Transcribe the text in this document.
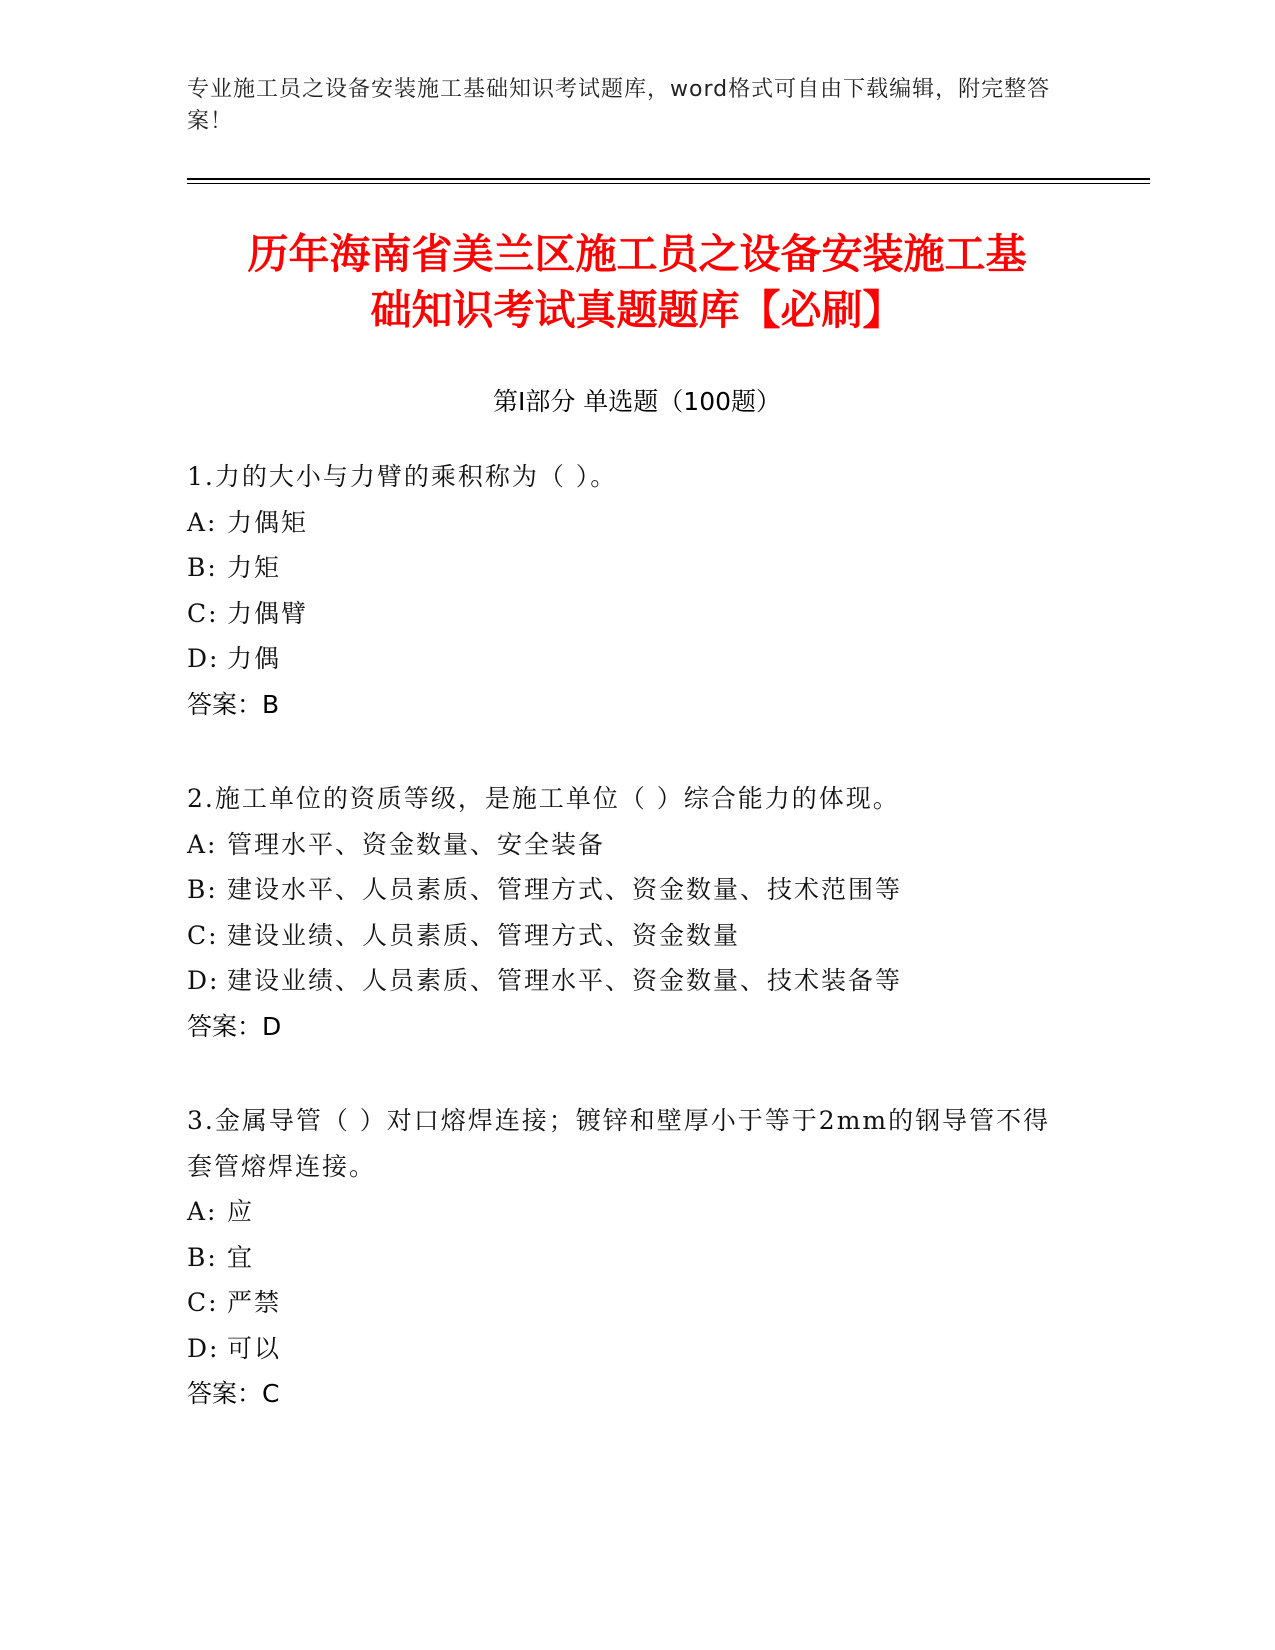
专业施工员之设备安装施工基础知识考试题库，word格式可自由下载编辑，附完整答案！
历年海南省美兰区施工员之设备安装施工基
础知识考试真题题库【必刷】
第Ⅰ部分 单选题（100题）
1.力的大小与力臂的乘积称为（ ）。
A: 力偶矩
B: 力矩
C: 力偶臂
D: 力偶
答案：B
2.施工单位的资质等级，是施工单位（ ）综合能力的体现。
A: 管理水平、资金数量、安全装备
B: 建设水平、人员素质、管理方式、资金数量、技术范围等
C: 建设业绩、人员素质、管理方式、资金数量
D: 建设业绩、人员素质、管理水平、资金数量、技术装备等
答案：D
3.金属导管（ ）对口熔焊连接；镀锌和壁厚小于等于2mm的钢导管不得套管熔焊连接。
A: 应
B: 宜
C: 严禁
D: 可以
答案：C
